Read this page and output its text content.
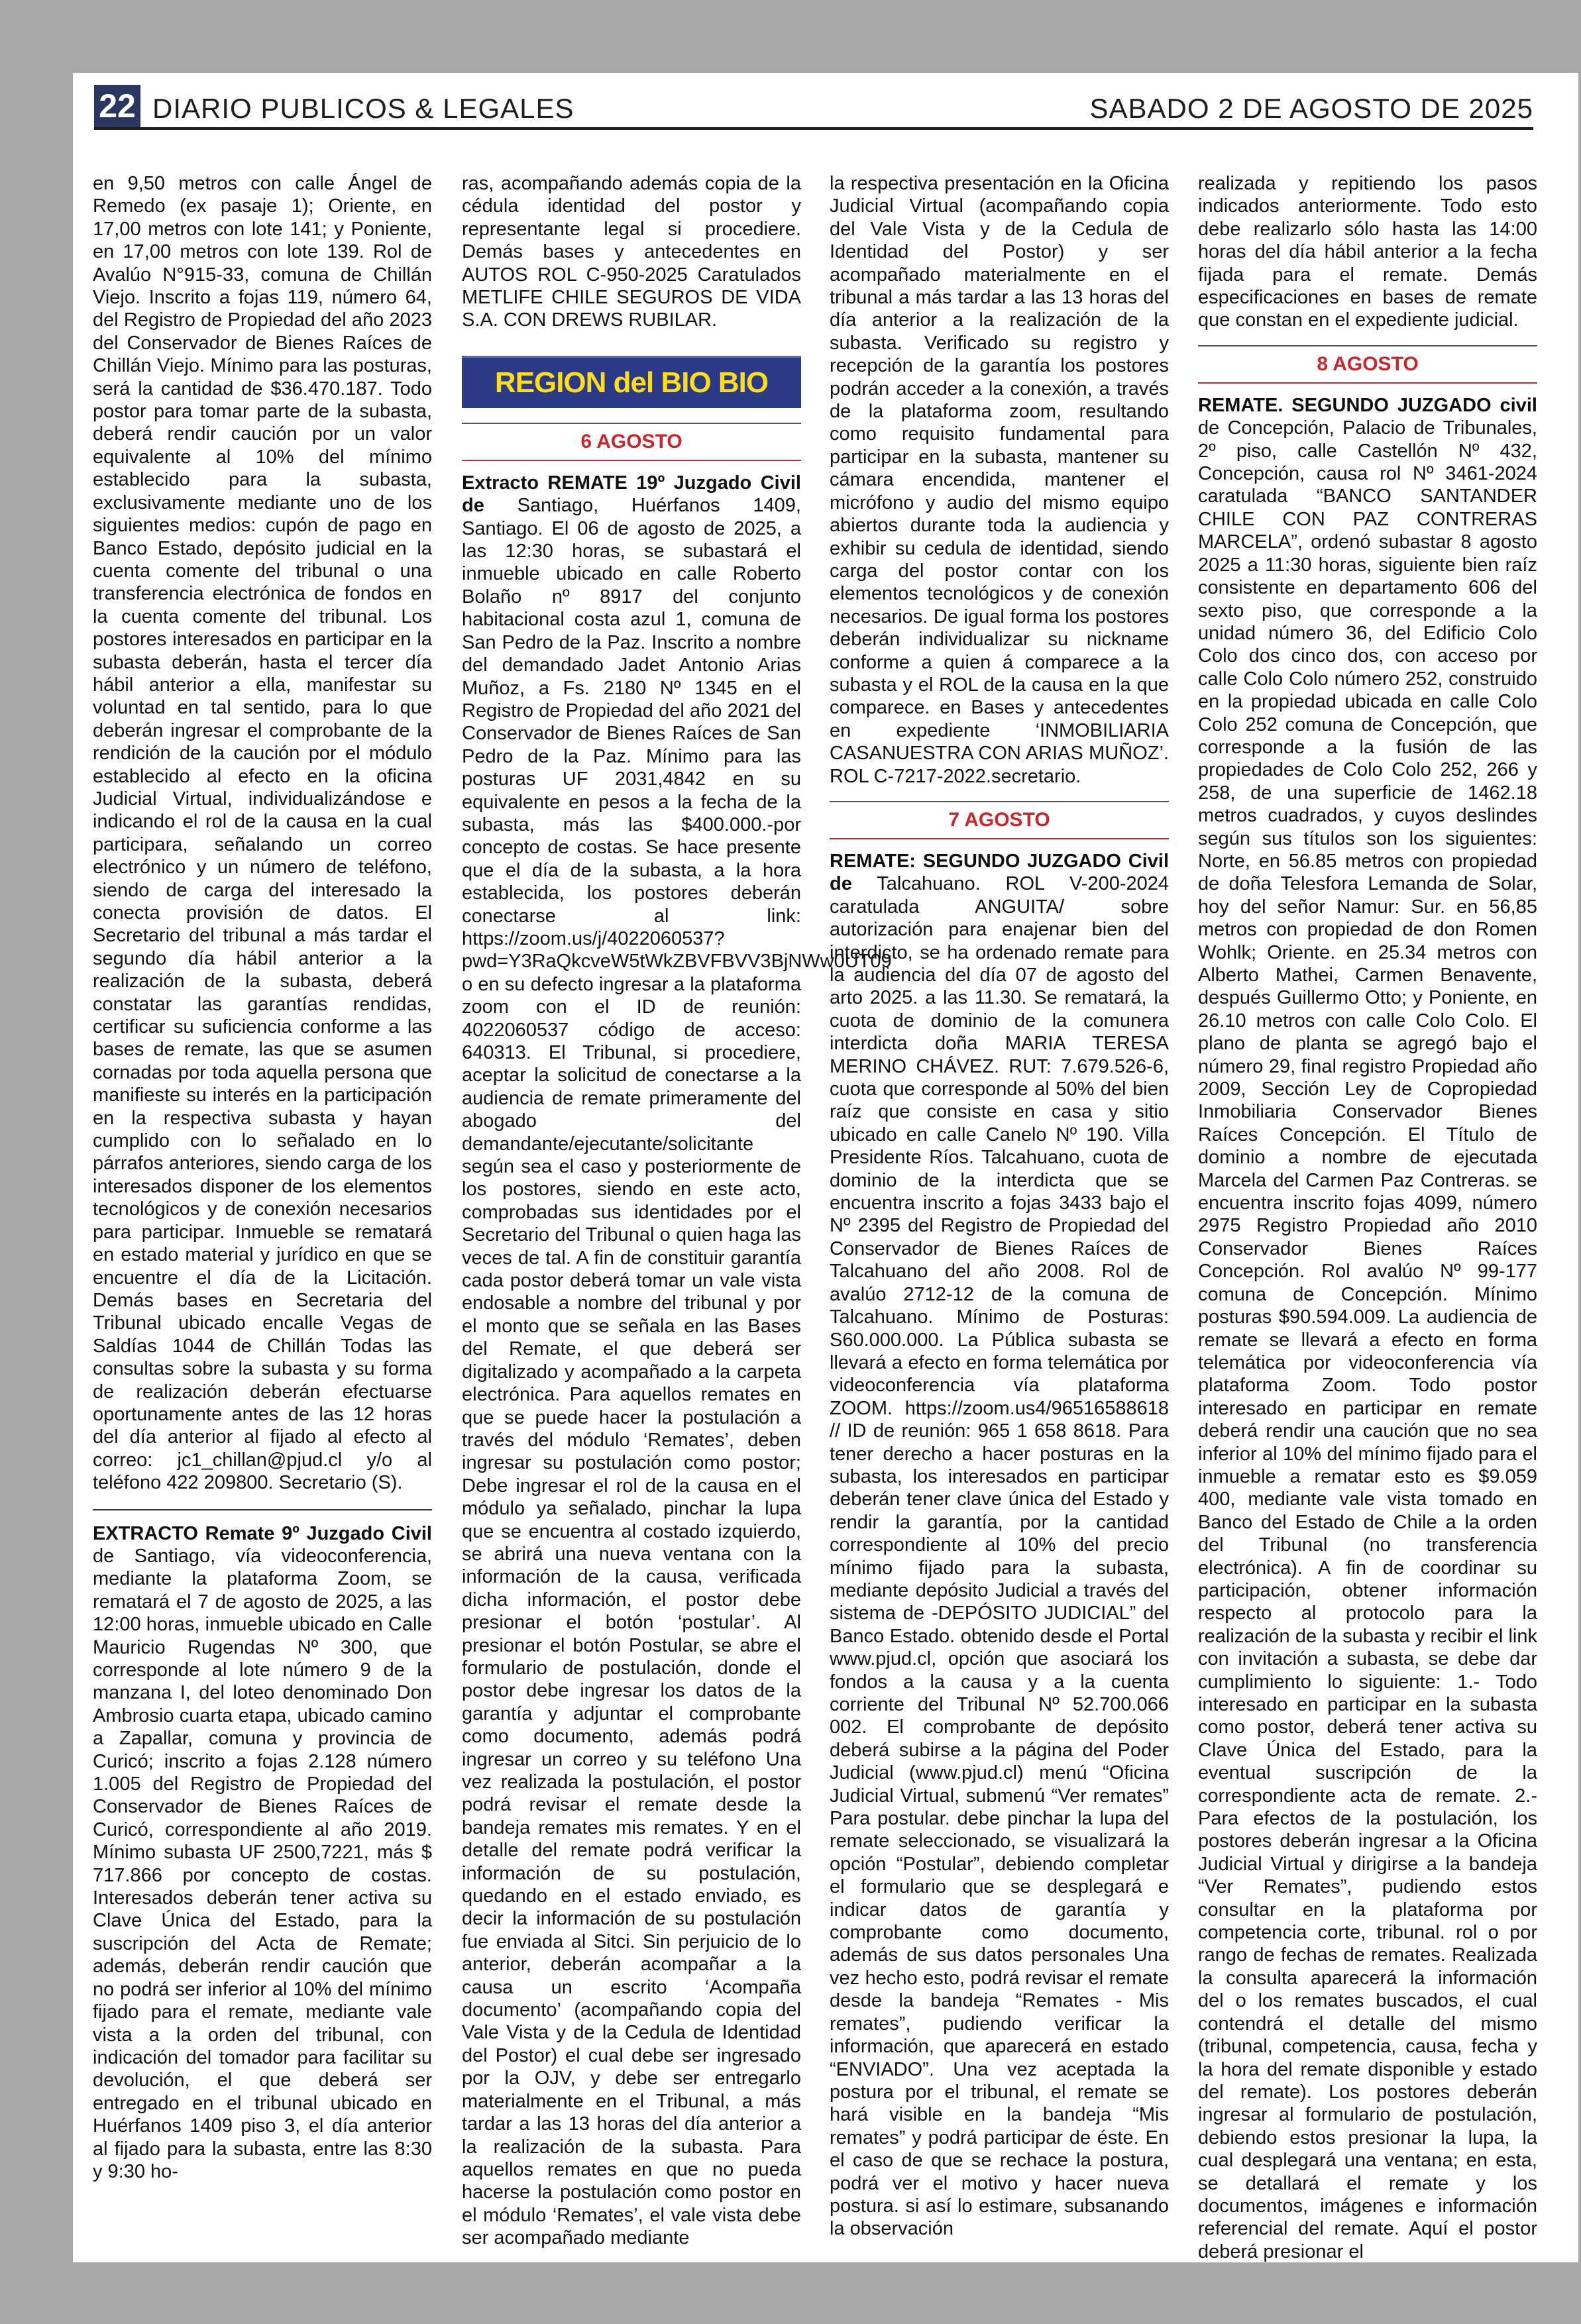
22 DIARIO PUBLICOS & LEGALES	SABADO 2 DE AGOSTO DE 2025

en 9,50 metros con calle Ángel de Remedo (ex pasaje 1); Oriente, en 17,00 metros con lote 141; y Poniente, en 17,00 metros con lote 139. Rol de Avalúo N°915-33, comuna de Chillán Viejo. Inscrito a fojas 119, número 64, del Registro de Propiedad del año 2023 del Conservador de Bienes Raíces de Chillán Viejo. Mínimo para las posturas, será la cantidad de $36.470.187. Todo postor para tomar parte de la subasta, deberá rendir caución por un valor equivalente al 10% del mínimo establecido para la subasta, exclusivamente mediante uno de los siguientes medios: cupón de pago en Banco Estado, depósito judicial en la cuenta comente del tribunal o una transferencia electrónica de fondos en la cuenta comente del tribunal. Los postores interesados en participar en la subasta deberán, hasta el tercer día hábil anterior a ella, manifestar su voluntad en tal sentido, para lo que deberán ingresar el comprobante de la rendición de la caución por el módulo establecido al efecto en la oficina Judicial Virtual, individualizándose e indicando el rol de la causa en la cual participara, señalando un correo electrónico y un número de teléfono, siendo de carga del interesado la conecta provisión de datos. El Secretario del tribunal a más tardar el segundo día hábil anterior a la realización de la subasta, deberá constatar las garantías rendidas, certificar su suficiencia conforme a las bases de remate, las que se asumen cornadas por toda aquella persona que manifieste su interés en la participación en la respectiva subasta y hayan cumplido con lo señalado en lo párrafos anteriores, siendo carga de los interesados disponer de los elementos tecnológicos y de conexión necesarios para participar. Inmueble se rematará en estado material y jurídico en que se encuentre el día de la Licitación. Demás bases en Secretaria del Tribunal ubicado encalle Vegas de Saldías 1044 de Chillán Todas las consultas sobre la subasta y su forma de realización deberán efectuarse oportunamente antes de las 12 horas del día anterior al fijado al efecto al correo: jc1_chillan@pjud.cl y/o al teléfono 422 209800. Secretario (S).

EXTRACTO Remate 9º Juzgado Civil de Santiago, vía videoconferencia, mediante la plataforma Zoom, se rematará el 7 de agosto de 2025, a las 12:00 horas, inmueble ubicado en Calle Mauricio Rugendas Nº 300, que corresponde al lote número 9 de la manzana I, del loteo denominado Don Ambrosio cuarta etapa, ubicado camino a Zapallar, comuna y provincia de Curicó; inscrito a fojas 2.128 número 1.005 del Registro de Propiedad del Conservador de Bienes Raíces de Curicó, correspondiente al año 2019. Mínimo subasta UF 2500,7221, más $ 717.866 por concepto de costas. Interesados deberán tener activa su Clave Única del Estado, para la suscripción del Acta de Remate; además, deberán rendir caución que no podrá ser inferior al 10% del mínimo fijado para el remate, mediante vale vista a la orden del tribunal, con indicación del tomador para facilitar su devolución, el que deberá ser entregado en el tribunal ubicado en Huérfanos 1409 piso 3, el día anterior al fijado para la subasta, entre las 8:30 y 9:30 ho-

ras, acompañando además copia de la cédula identidad del postor y representante legal si procediere. Demás bases y antecedentes en AUTOS ROL C-950-2025 Caratulados METLIFE CHILE SEGUROS DE VIDA S.A. CON DREWS RUBILAR.

REGION del BIO BIO
6 AGOSTO

Extracto REMATE 19º Juzgado Civil de Santiago, Huérfanos 1409, Santiago. El 06 de agosto de 2025, a las 12:30 horas, se subastará el inmueble ubicado en calle Roberto Bolaño nº 8917 del conjunto habitacional costa azul 1, comuna de San Pedro de la Paz. Inscrito a nombre del demandado Jadet Antonio Arias Muñoz, a Fs. 2180 Nº 1345 en el Registro de Propiedad del año 2021 del Conservador de Bienes Raíces de San Pedro de la Paz. Mínimo para las posturas UF 2031,4842 en su equivalente en pesos a la fecha de la subasta, más las $400.000.-por concepto de costas. Se hace presente que el día de la subasta, a la hora establecida, los postores deberán conectarse al link: https://zoom.us/j/4022060537?pwd=Y3RaQkcveW5tWkZBVFBVV3BjNWw0UT09 o en su defecto ingresar a la plataforma zoom con el ID de reunión: 4022060537 código de acceso: 640313. El Tribunal, si procediere, aceptar la solicitud de conectarse a la audiencia de remate primeramente del abogado del demandante/ejecutante/solicitante según sea el caso y posteriormente de los postores, siendo en este acto, comprobadas sus identidades por el Secretario del Tribunal o quien haga las veces de tal. A fin de constituir garantía cada postor deberá tomar un vale vista endosable a nombre del tribunal y por el monto que se señala en las Bases del Remate, el que deberá ser digitalizado y acompañado a la carpeta electrónica. Para aquellos remates en que se puede hacer la postulación a través del módulo ‘Remates’, deben ingresar su postulación como postor; Debe ingresar el rol de la causa en el módulo ya señalado, pinchar la lupa que se encuentra al costado izquierdo, se abrirá una nueva ventana con la información de la causa, verificada dicha información, el postor debe presionar el botón ‘postular’. Al presionar el botón Postular, se abre el formulario de postulación, donde el postor debe ingresar los datos de la garantía y adjuntar el comprobante como documento, además podrá ingresar un correo y su teléfono Una vez realizada la postulación, el postor podrá revisar el remate desde la bandeja remates mis remates. Y en el detalle del remate podrá verificar la información de su postulación, quedando en el estado enviado, es decir la información de su postulación fue enviada al Sitci. Sin perjuicio de lo anterior, deberán acompañar a la causa un escrito ‘Acompaña documento’ (acompañando copia del Vale Vista y de la Cedula de Identidad del Postor) el cual debe ser ingresado por la OJV, y debe ser entregarlo materialmente en el Tribunal, a más tardar a las 13 horas del día anterior a la realización de la subasta. Para aquellos remates en que no pueda hacerse la postulación como postor en el módulo ‘Remates’, el vale vista debe ser acompañado mediante

la respectiva presentación en la Oficina Judicial Virtual (acompañando copia del Vale Vista y de la Cedula de Identidad del Postor) y ser acompañado materialmente en el tribunal a más tardar a las 13 horas del día anterior a la realización de la subasta. Verificado su registro y recepción de la garantía los postores podrán acceder a la conexión, a través de la plataforma zoom, resultando como requisito fundamental para participar en la subasta, mantener su cámara encendida, mantener el micrófono y audio del mismo equipo abiertos durante toda la audiencia y exhibir su cedula de identidad, siendo carga del postor contar con los elementos tecnológicos y de conexión necesarios. De igual forma los postores deberán individualizar su nickname conforme a quien á comparece a la subasta y el ROL de la causa en la que comparece. en Bases y antecedentes en expediente ‘INMOBILIARIA CASANUESTRA CON ARIAS MUÑOZ’. ROL C-7217-2022.secretario.

7 AGOSTO

REMATE: SEGUNDO JUZGADO Civil de Talcahuano. ROL V-200-2024 caratulada ANGUITA/ sobre autorización para enajenar bien del interdicto, se ha ordenado remate para la audiencia del día 07 de agosto del arto 2025. a las 11.30. Se rematará, la cuota de dominio de la comunera interdicta doña MARIA TERESA MERINO CHÁVEZ. RUT: 7.679.526-6, cuota que corresponde al 50% del bien raíz que consiste en casa y sitio ubicado en calle Canelo Nº 190. Villa Presidente Ríos. Talcahuano, cuota de dominio de la interdicta que se encuentra inscrito a fojas 3433 bajo el Nº 2395 del Registro de Propiedad del Conservador de Bienes Raíces de Talcahuano del año 2008. Rol de avalúo 2712-12 de la comuna de Talcahuano. Mínimo de Posturas: S60.000.000. La Pública subasta se llevará a efecto en forma telemática por videoconferencia vía plataforma ZOOM. https://zoom.us4/96516588618 // ID de reunión: 965 1 658 8618. Para tener derecho a hacer posturas en la subasta, los interesados en participar deberán tener clave única del Estado y rendir la garantía, por la cantidad correspondiente al 10% del precio mínimo fijado para la subasta, mediante depósito Judicial a través del sistema de -DEPÓSITO JUDICIAL” del Banco Estado. obtenido desde el Portal www.pjud.cl, opción que asociará los fondos a la causa y a la cuenta corriente del Tribunal Nº 52.700.066 002. El comprobante de depósito deberá subirse a la página del Poder Judicial (www.pjud.cl) menú “Oficina Judicial Virtual, submenú “Ver remates” Para postular. debe pinchar la lupa del remate seleccionado, se visualizará la opción “Postular”, debiendo completar el formulario que se desplegará e indicar datos de garantía y comprobante como documento, además de sus datos personales Una vez hecho esto, podrá revisar el remate desde la bandeja “Remates - Mis remates”, pudiendo verificar la información, que aparecerá en estado “ENVIADO”. Una vez aceptada la postura por el tribunal, el remate se hará visible en la bandeja “Mis remates” y podrá participar de éste. En el caso de que se rechace la postura, podrá ver el motivo y hacer nueva postura. si así lo estimare, subsanando la observación

realizada y repitiendo los pasos indicados anteriormente. Todo esto debe realizarlo sólo hasta las 14:00 horas del día hábil anterior a la fecha fijada para el remate. Demás especificaciones en bases de remate que constan en el expediente judicial.

8 AGOSTO

REMATE. SEGUNDO JUZGADO civil de Concepción, Palacio de Tribunales, 2º piso, calle Castellón Nº 432, Concepción, causa rol Nº 3461-2024 caratulada “BANCO SANTANDER CHILE CON PAZ CONTRERAS MARCELA”, ordenó subastar 8 agosto 2025 a 11:30 horas, siguiente bien raíz consistente en departamento 606 del sexto piso, que corresponde a la unidad número 36, del Edificio Colo Colo dos cinco dos, con acceso por calle Colo Colo número 252, construido en la propiedad ubicada en calle Colo Colo 252 comuna de Concepción, que corresponde a la fusión de las propiedades de Colo Colo 252, 266 y 258, de una superficie de 1462.18 metros cuadrados, y cuyos deslindes según sus títulos son los siguientes: Norte, en 56.85 metros con propiedad de doña Telesfora Lemanda de Solar, hoy del señor Namur: Sur. en 56,85 metros con propiedad de don Romen Wohlk; Oriente. en 25.34 metros con Alberto Mathei, Carmen Benavente, después Guillermo Otto; y Poniente, en 26.10 metros con calle Colo Colo. El plano de planta se agregó bajo el número 29, final registro Propiedad año 2009, Sección Ley de Copropiedad Inmobiliaria Conservador Bienes Raíces Concepción. El Título de dominio a nombre de ejecutada Marcela del Carmen Paz Contreras. se encuentra inscrito fojas 4099, número 2975 Registro Propiedad año 2010 Conservador Bienes Raíces Concepción. Rol avalúo Nº 99-177 comuna de Concepción. Mínimo posturas $90.594.009. La audiencia de remate se llevará a efecto en forma telemática por videoconferencia vía plataforma Zoom. Todo postor interesado en participar en remate deberá rendir una caución que no sea inferior al 10% del mínimo fijado para el inmueble a rematar esto es $9.059 400, mediante vale vista tomado en Banco del Estado de Chile a la orden del Tribunal (no transferencia electrónica). A fin de coordinar su participación, obtener información respecto al protocolo para la realización de la subasta y recibir el link con invitación a subasta, se debe dar cumplimiento lo siguiente: 1.- Todo interesado en participar en la subasta como postor, deberá tener activa su Clave Única del Estado, para la eventual suscripción de la correspondiente acta de remate. 2.- Para efectos de la postulación, los postores deberán ingresar a la Oficina Judicial Virtual y dirigirse a la bandeja “Ver Remates”, pudiendo estos consultar en la plataforma por competencia corte, tribunal. rol o por rango de fechas de remates. Realizada la consulta aparecerá la información del o los remates buscados, el cual contendrá el detalle del mismo (tribunal, competencia, causa, fecha y la hora del remate disponible y estado del remate). Los postores deberán ingresar al formulario de postulación, debiendo estos presionar la lupa, la cual desplegará una ventana; en esta, se detallará el remate y los documentos, imágenes e información referencial del remate. Aquí el postor deberá presionar el
